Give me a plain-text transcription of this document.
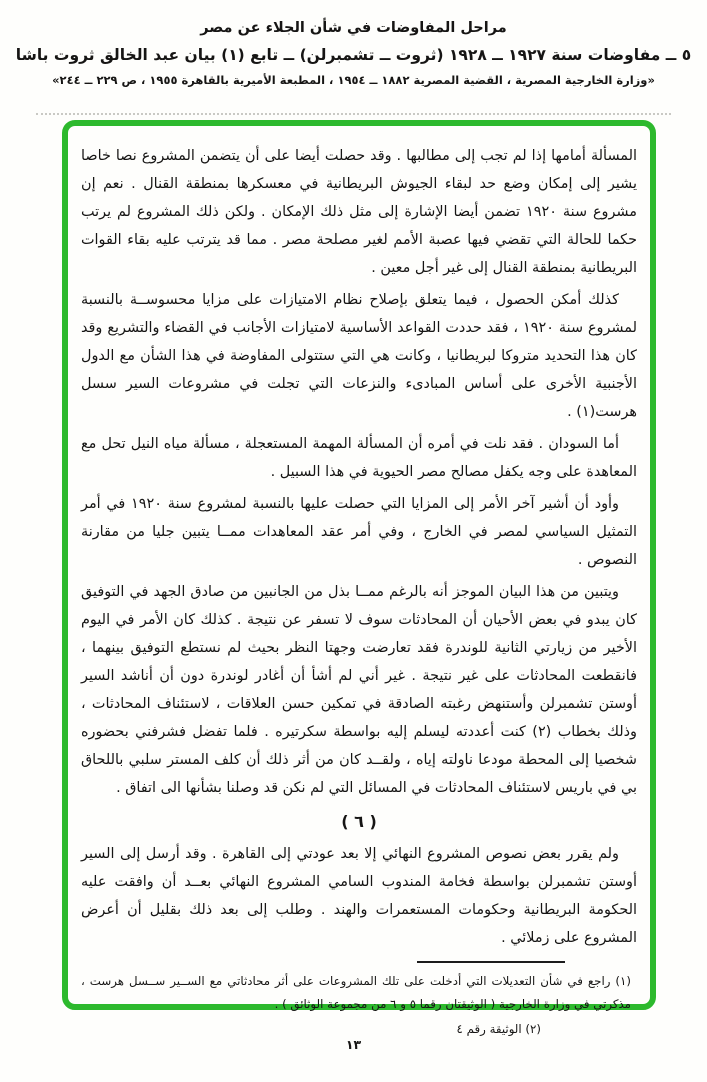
مراحل المفاوضات في شأن الجلاء عن مصر

٥ ــ مفاوضات سنة ١٩٢٧ ــ ١٩٢٨ (ثروت ــ تشمبرلن) ــ تابع (١) بيان عبد الخالق ثروت باشا

«وزارة الخارجية المصرية ، القضية المصرية ١٨٨٢ ــ ١٩٥٤ ، المطبعة الأميرية بالقاهرة ١٩٥٥ ، ص ٢٢٩ ــ ٢٤٤»

المسألة أمامها إذا لم تجب إلى مطالبها . وقد حصلت أيضا على أن يتضمن المشروع نصا خاصا يشير إلى إمكان وضع حد لبقاء الجيوش البريطانية في معسكرها بمنطقة القنال . نعم إن مشروع سنة ١٩٢٠ تضمن أيضا الإشارة إلى مثل ذلك الإمكان . ولكن ذلك المشروع لم يرتب حكما للحالة التي تقضي فيها عصبة الأمم لغير مصلحة مصر . مما قد يترتب عليه بقاء القوات البريطانية بمنطقة القنال إلى غير أجل معين .

كذلك أمكن الحصول ، فيما يتعلق بإصلاح نظام الامتيازات على مزايا محسوســة بالنسبة لمشروع سنة ١٩٢٠ ، فقد حددت القواعد الأساسية لامتيازات الأجانب في القضاء والتشريع وقد كان هذا التحديد متروكا لبريطانيا ، وكانت هي التي ستتولى المفاوضة في هذا الشأن مع الدول الأجنبية الأخرى على أساس المبادىء والنزعات التي تجلت في مشروعات السير سسل هرست(١) .

أما السودان . فقد نلت في أمره أن المسألة المهمة المستعجلة ، مسألة مياه النيل تحل مع المعاهدة على وجه يكفل مصالح مصر الحيوية في هذا السبيل .

وأود أن أشير آخر الأمر إلى المزايا التي حصلت عليها بالنسبة لمشروع سنة ١٩٢٠ في أمر التمثيل السياسي لمصر في الخارج ، وفي أمر عقد المعاهدات ممــا يتبين جليا من مقارنة النصوص .

ويتبين من هذا البيان الموجز أنه بالرغم ممــا بذل من الجانبين من صادق الجهد في التوفيق كان يبدو في بعض الأحيان أن المحادثات سوف لا تسفر عن نتيجة . كذلك كان الأمر في اليوم الأخير من زيارتي الثانية للوندرة فقد تعارضت وجهتا النظر بحيث لم نستطع التوفيق بينهما ، فانقطعت المحادثات على غير نتيجة . غير أني لم أشأ أن أغادر لوندرة دون أن أناشد السير أوستن تشمبرلن وأستنهض رغبته الصادقة في تمكين حسن العلاقات ، لاستئناف المحادثات ، وذلك بخطاب (٢) كنت أعددته ليسلم إليه بواسطة سكرتيره . فلما تفضل فشرفني بحضوره شخصيا إلى المحطة مودعا ناولته إياه ، ولقــد كان من أثر ذلك أن كلف المستر سلبي باللحاق بي في باريس لاستئناف المحادثات في المسائل التي لم نكن قد وصلنا بشأنها الى اتفاق .

( ٦ )

ولم يقرر بعض نصوص المشروع النهائي إلا بعد عودتي إلى القاهرة . وقد أرسل إلى السير أوستن تشمبرلن بواسطة فخامة المندوب السامي المشروع النهائي بعــد أن وافقت عليه الحكومة البريطانية وحكومات المستعمرات والهند . وطلب إلى بعد ذلك بقليل أن أعرض المشروع على زملائي .

(١) راجع في شأن التعديلات التي أدخلت على تلك المشروعات على أثر محادثاتي مع الســير ســسل هرست ، مذكرتي في وزارة الخارجية ( الوثيقتان رقما ٥ و ٦ من مجموعة الوثائق ) .

(٢) الوثيقة رقم ٤

١٣
